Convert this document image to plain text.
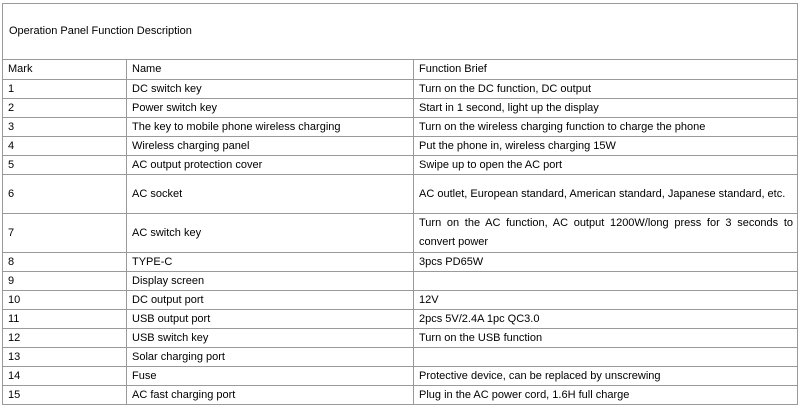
Operation Panel Function Description		
Mark	Name	Function Brief
1	DC switch key	Turn on the DC function, DC output
2	Power switch key	Start in 1 second, light up the display
3	The key to mobile phone wireless charging	Turn on the wireless charging function to charge the phone
4	Wireless charging panel	Put the phone in, wireless charging 15W
5	AC output protection cover	Swipe up to open the AC port
6	AC socket	AC outlet, European standard, American standard, Japanese standard, etc.
7	AC switch key	Turn on the AC function, AC output 1200W/long press for 3 seconds to convert power
8	TYPE-C	3pcs PD65W
9	Display screen	
10	DC output port	12V
11	USB output port	2pcs 5V/2.4A 1pc QC3.0
12	USB switch key	Turn on the USB function
13	Solar charging port	
14	Fuse	Protective device, can be replaced by unscrewing
15	AC fast charging port	Plug in the AC power cord, 1.6H full charge
